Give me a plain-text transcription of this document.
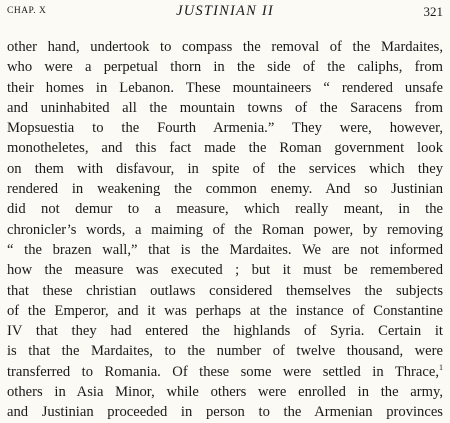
CHAP. X	JUSTINIAN II	321
other hand, undertook to compass the removal of the Mardaites,
who were a perpetual thorn in the side of the caliphs, from
their homes in Lebanon. These mountaineers “ rendered unsafe
and uninhabited all the mountain towns of the Saracens from
Mopsuestia to the Fourth Armenia.” They were, however,
monotheletes, and this fact made the Roman government look
on them with disfavour, in spite of the services which they
rendered in weakening the common enemy. And so Justinian
did not demur to a measure, which really meant, in the
chronicler’s words, a maiming of the Roman power, by removing
“ the brazen wall,” that is the Mardaites. We are not informed
how the measure was executed ; but it must be remembered
that these christian outlaws considered themselves the subjects
of the Emperor, and it was perhaps at the instance of Constantine
IV that they had entered the highlands of Syria. Certain it
is that the Mardaites, to the number of twelve thousand, were
transferred to Romania. Of these some were settled in Thrace,$^1$
others in Asia Minor, while others were enrolled in the army,
and Justinian proceeded in person to the Armenian provinces
